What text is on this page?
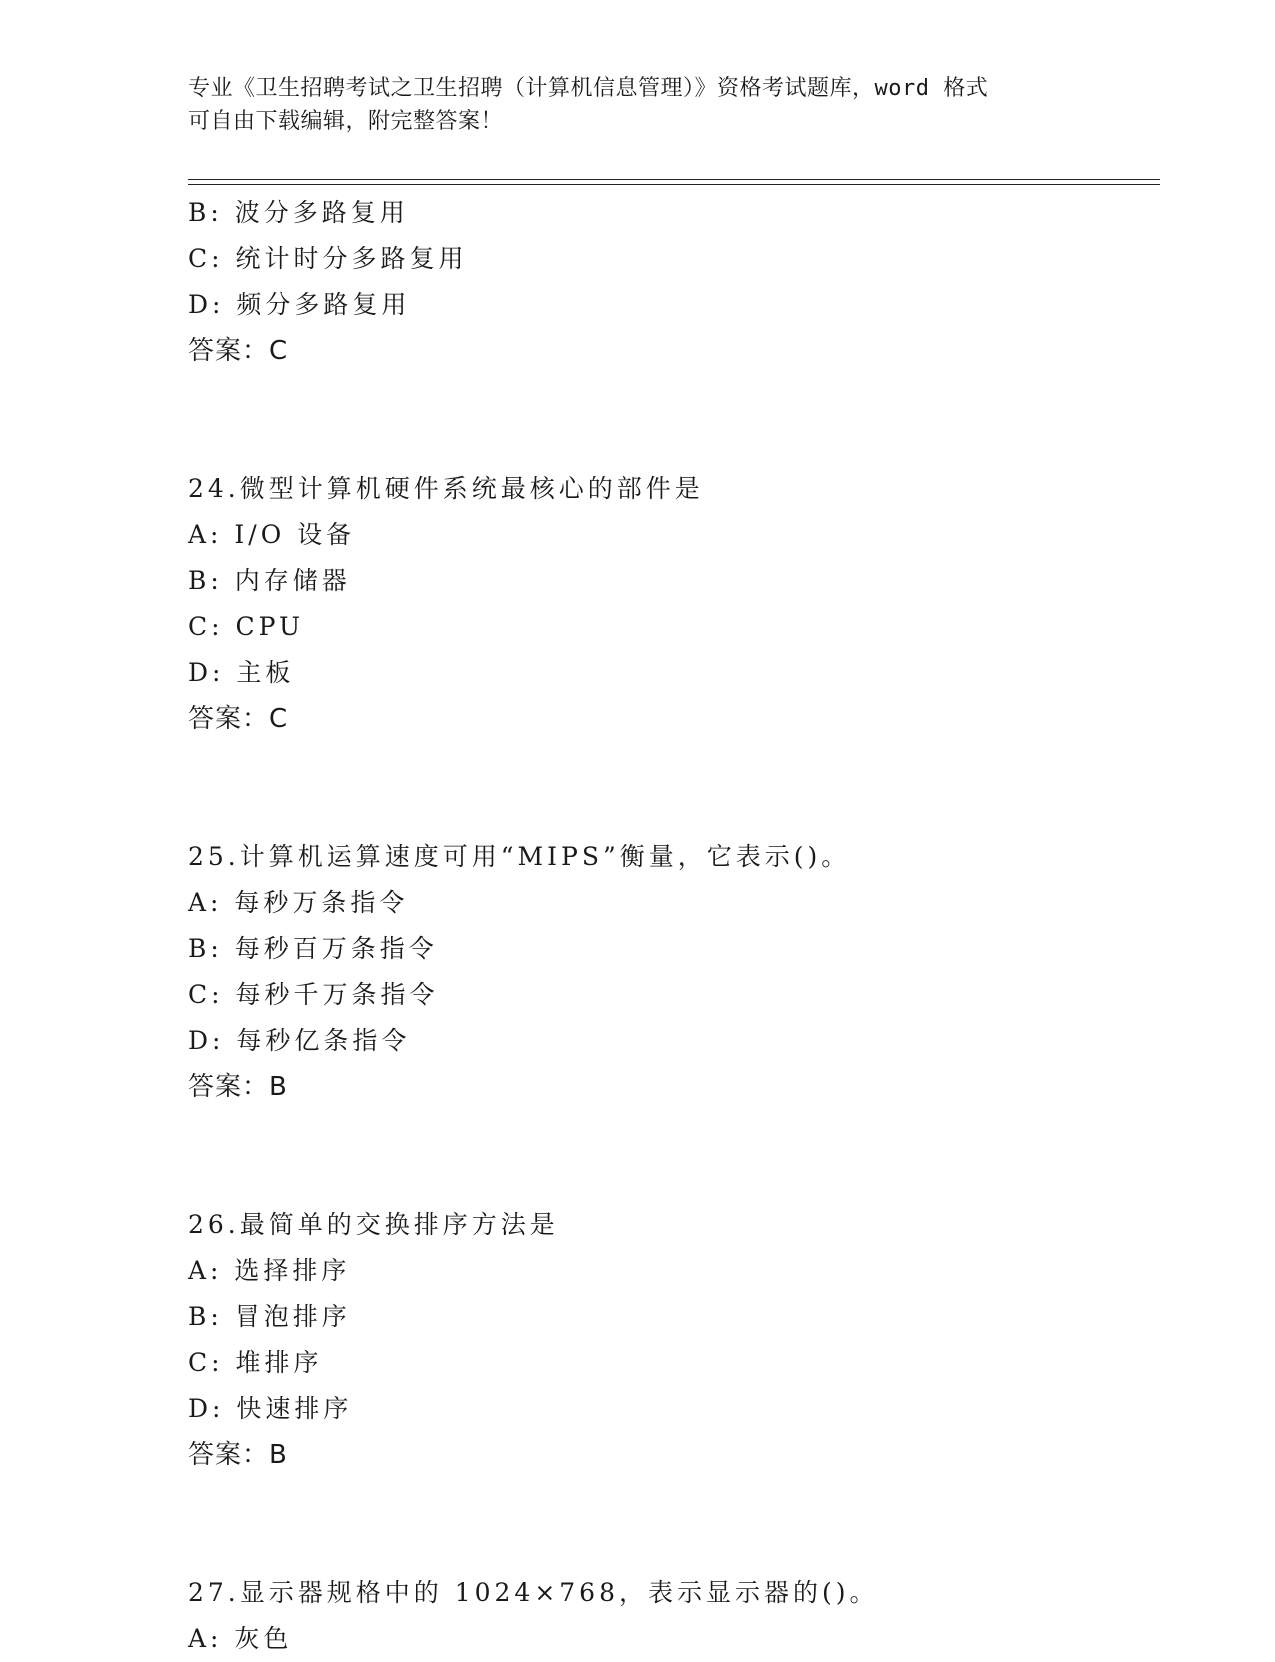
专业《卫生招聘考试之卫生招聘（计算机信息管理）》资格考试题库，word 格式
可自由下载编辑，附完整答案！
B: 波分多路复用
C: 统计时分多路复用
D: 频分多路复用
答案：C
24.微型计算机硬件系统最核心的部件是
A: I/O 设备
B: 内存储器
C: CPU
D: 主板
答案：C
25.计算机运算速度可用“MIPS”衡量，它表示()。
A: 每秒万条指令
B: 每秒百万条指令
C: 每秒千万条指令
D: 每秒亿条指令
答案：B
26.最简单的交换排序方法是
A: 选择排序
B: 冒泡排序
C: 堆排序
D: 快速排序
答案：B
27.显示器规格中的 1024×768，表示显示器的()。
A: 灰色
